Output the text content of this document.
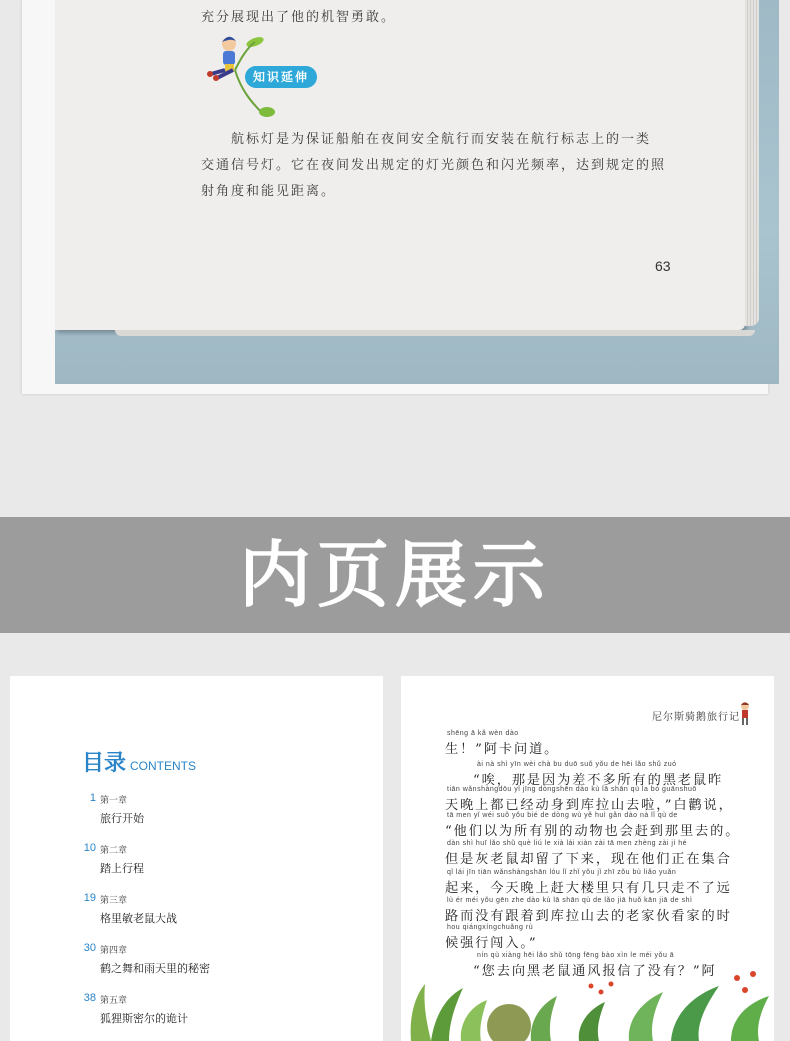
充分展现出了他的机智勇敢。
知识延伸
航标灯是为保证船舶在夜间安全航行而安装在航行标志上的一类
交通信号灯。它在夜间发出规定的灯光颜色和闪光频率，达到规定的照
射角度和能见距离。
63
内页展示
目录 CONTENTS
1 第一章
旅行开始
10 第二章
踏上行程
19 第三章
格里敏老鼠大战
30 第四章
鹤之舞和雨天里的秘密
38 第五章
狐狸斯密尔的诡计
尼尔斯骑鹅旅行记
shēng ā kǎ wèn dào
生！”阿卡问道。
ài nà shì yīn wèi chà bu duō suǒ yǒu de hēi lǎo shǔ zuó
“唉，那是因为差不多所有的黑老鼠昨
tiān wǎnshàngdōu yǐ jīng dòngshēn dào kù lā shān qù la bó guānshuō
天晚上都已经动身到库拉山去啦，”白鹳说，
tā men yǐ wéi suǒ yǒu bié de dòng wù yě huì gǎn dào nà lǐ qù de
“他们以为所有别的动物也会赶到那里去的。
dàn shì huī lǎo shǔ què liú le xià lái xiàn zài tā men zhèng zài jí hé
但是灰老鼠却留了下来，现在他们正在集合
qǐ lái jīn tiān wǎnshàngshān lóu lǐ zhǐ yǒu jǐ zhī zǒu bù liǎo yuǎn
起来，今天晚上赶大楼里只有几只走不了远
lù ér méi yǒu gēn zhe dào kù lā shān qù de lǎo jiā huǒ kān jiā de shì
路而没有跟着到库拉山去的老家伙看家的时
hou qiángxíngchuǎng rù
候强行闯入。”
nín qù xiàng hēi lǎo shǔ tōng fēng bào xìn le méi yǒu ā
“您去向黑老鼠通风报信了没有？”阿
